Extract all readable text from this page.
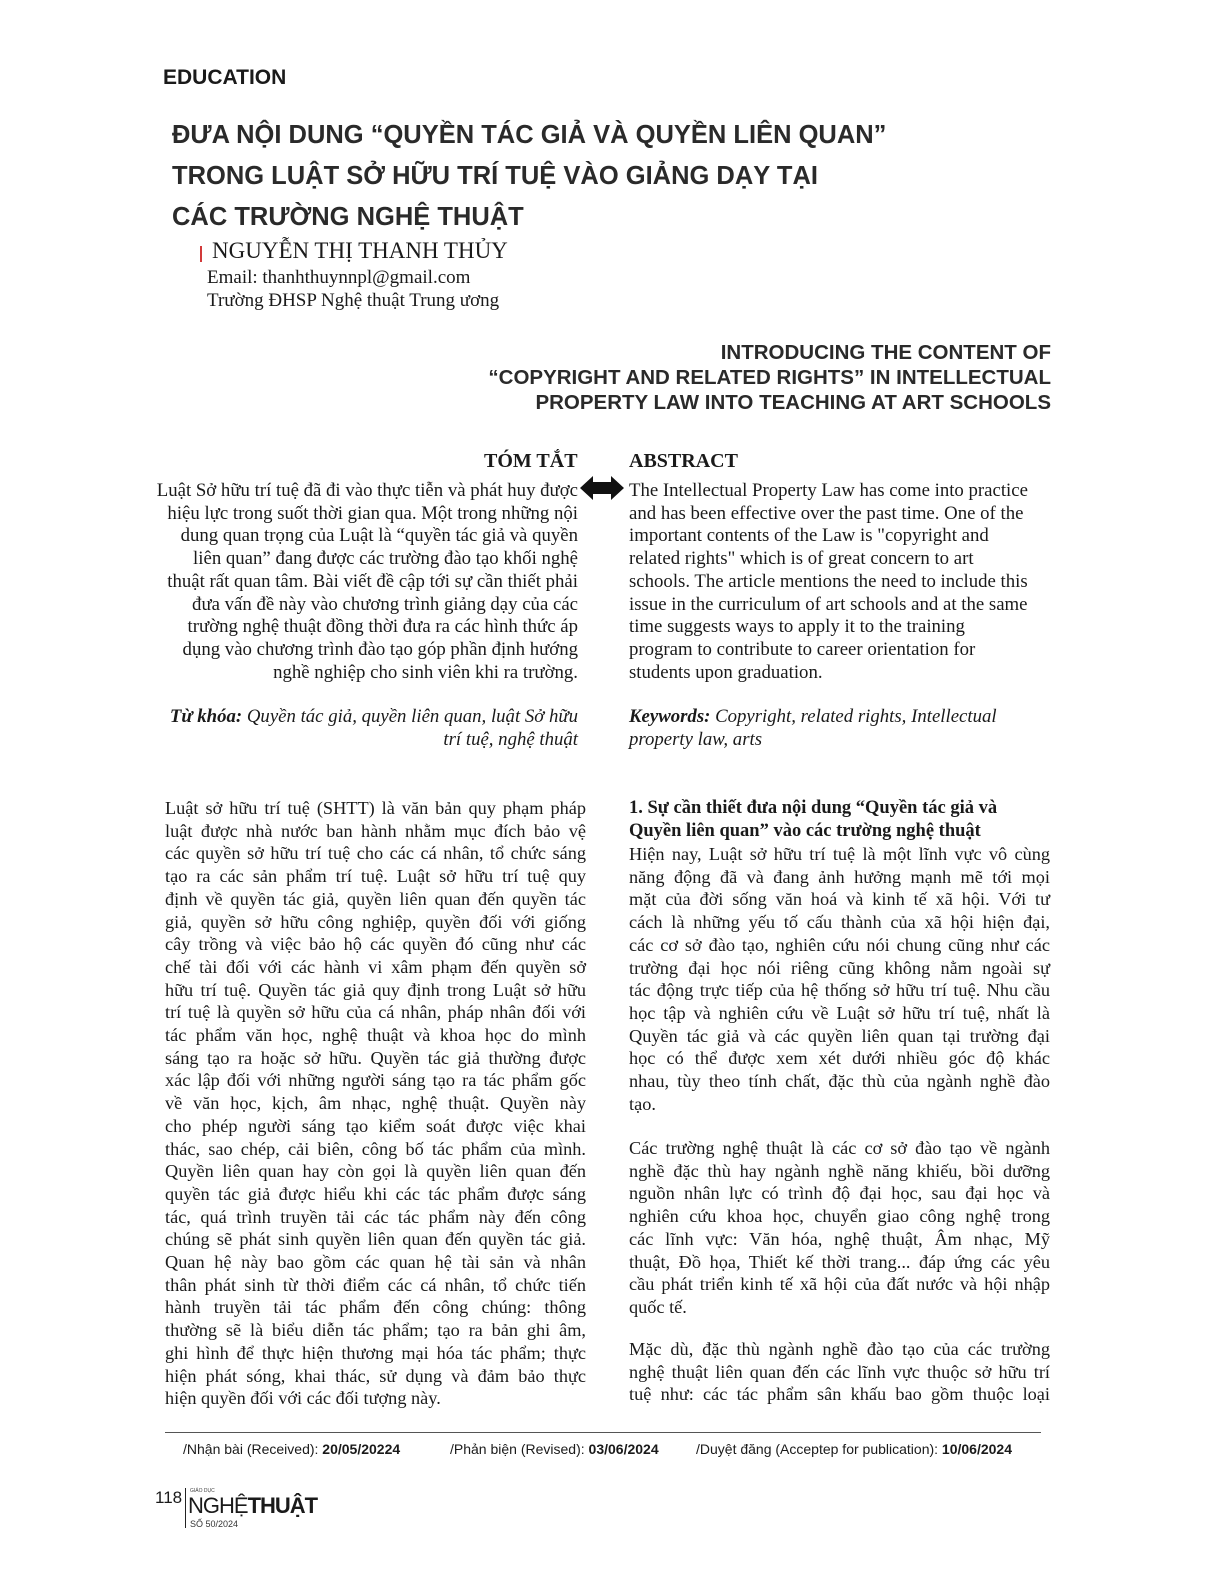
EDUCATION
ĐƯA NỘI DUNG “QUYỀN TÁC GIẢ VÀ QUYỀN LIÊN QUAN”
TRONG LUẬT SỞ HỮU TRÍ TUỆ VÀO GIẢNG DẠY TẠI
CÁC TRƯỜNG NGHỆ THUẬT
NGUYỄN THỊ THANH THỦY
Email: thanhthuynnpl@gmail.com
Trường ĐHSP Nghệ thuật Trung ương
INTRODUCING THE CONTENT OF
“COPYRIGHT AND RELATED RIGHTS” IN INTELLECTUAL
PROPERTY LAW INTO TEACHING AT ART SCHOOLS
TÓM TẮT
Luật Sở hữu trí tuệ đã đi vào thực tiễn và phát huy được
hiệu lực trong suốt thời gian qua. Một trong những nội
dung quan trọng của Luật là “quyền tác giả và quyền
liên quan” đang được các trường đào tạo khối nghệ
thuật rất quan tâm. Bài viết đề cập tới sự cần thiết phải
đưa vấn đề này vào chương trình giảng dạy của các
trường nghệ thuật đồng thời đưa ra các hình thức áp
dụng vào chương trình đào tạo góp phần định hướng
nghề nghiệp cho sinh viên khi ra trường.
Từ khóa: Quyền tác giả, quyền liên quan, luật Sở hữu
trí tuệ, nghệ thuật
ABSTRACT
The Intellectual Property Law has come into practice
and has been effective over the past time. One of the
important contents of the Law is "copyright and
related rights" which is of great concern to art
schools. The article mentions the need to include this
issue in the curriculum of art schools and at the same
time suggests ways to apply it to the training
program to contribute to career orientation for
students upon graduation.
Keywords: Copyright, related rights, Intellectual
property law, arts
Luật sở hữu trí tuệ (SHTT) là văn bản quy phạm pháp
luật được nhà nước ban hành nhằm mục đích bảo vệ
các quyền sở hữu trí tuệ cho các cá nhân, tổ chức sáng
tạo ra các sản phẩm trí tuệ. Luật sở hữu trí tuệ quy
định về quyền tác giả, quyền liên quan đến quyền tác
giả, quyền sở hữu công nghiệp, quyền đối với giống
cây trồng và việc bảo hộ các quyền đó cũng như các
chế tài đối với các hành vi xâm phạm đến quyền sở
hữu trí tuệ. Quyền tác giả quy định trong Luật sở hữu
trí tuệ là quyền sở hữu của cá nhân, pháp nhân đối với
tác phẩm văn học, nghệ thuật và khoa học do mình
sáng tạo ra hoặc sở hữu. Quyền tác giả thường được
xác lập đối với những người sáng tạo ra tác phẩm gốc
về văn học, kịch, âm nhạc, nghệ thuật. Quyền này
cho phép người sáng tạo kiểm soát được việc khai
thác, sao chép, cải biên, công bố tác phẩm của mình.
Quyền liên quan hay còn gọi là quyền liên quan đến
quyền tác giả được hiểu khi các tác phẩm được sáng
tác, quá trình truyền tải các tác phẩm này đến công
chúng sẽ phát sinh quyền liên quan đến quyền tác giả.
Quan hệ này bao gồm các quan hệ tài sản và nhân
thân phát sinh từ thời điểm các cá nhân, tổ chức tiến
hành truyền tải tác phẩm đến công chúng: thông
thường sẽ là biểu diễn tác phẩm; tạo ra bản ghi âm,
ghi hình để thực hiện thương mại hóa tác phẩm; thực
hiện phát sóng, khai thác, sử dụng và đảm bảo thực
hiện quyền đối với các đối tượng này.
1. Sự cần thiết đưa nội dung “Quyền tác giả và
Quyền liên quan” vào các trường nghệ thuật
Hiện nay, Luật sở hữu trí tuệ là một lĩnh vực vô cùng
năng động đã và đang ảnh hưởng mạnh mẽ tới mọi
mặt của đời sống văn hoá và kinh tế xã hội. Với tư
cách là những yếu tố cấu thành của xã hội hiện đại,
các cơ sở đào tạo, nghiên cứu nói chung cũng như các
trường đại học nói riêng cũng không nằm ngoài sự
tác động trực tiếp của hệ thống sở hữu trí tuệ. Nhu cầu
học tập và nghiên cứu về Luật sở hữu trí tuệ, nhất là
Quyền tác giả và các quyền liên quan tại trường đại
học có thể được xem xét dưới nhiều góc độ khác
nhau, tùy theo tính chất, đặc thù của ngành nghề đào
tạo.
Các trường nghệ thuật là các cơ sở đào tạo về ngành
nghề đặc thù hay ngành nghề năng khiếu, bồi dưỡng
nguồn nhân lực có trình độ đại học, sau đại học và
nghiên cứu khoa học, chuyển giao công nghệ trong
các lĩnh vực: Văn hóa, nghệ thuật, Âm nhạc, Mỹ
thuật, Đồ họa, Thiết kế thời trang... đáp ứng các yêu
cầu phát triển kinh tế xã hội của đất nước và hội nhập
quốc tế.
Mặc dù, đặc thù ngành nghề đào tạo của các trường
nghệ thuật liên quan đến các lĩnh vực thuộc sở hữu trí
tuệ như: các tác phẩm sân khấu bao gồm thuộc loại
/Nhận bài (Received): 20/05/20224	/Phản biện (Revised): 03/06/2024	/Duyệt đăng (Acceptep for publication): 10/06/2024
118 GIÁO DỤC
NGHỆTHUẬT
SỐ 50/2024
